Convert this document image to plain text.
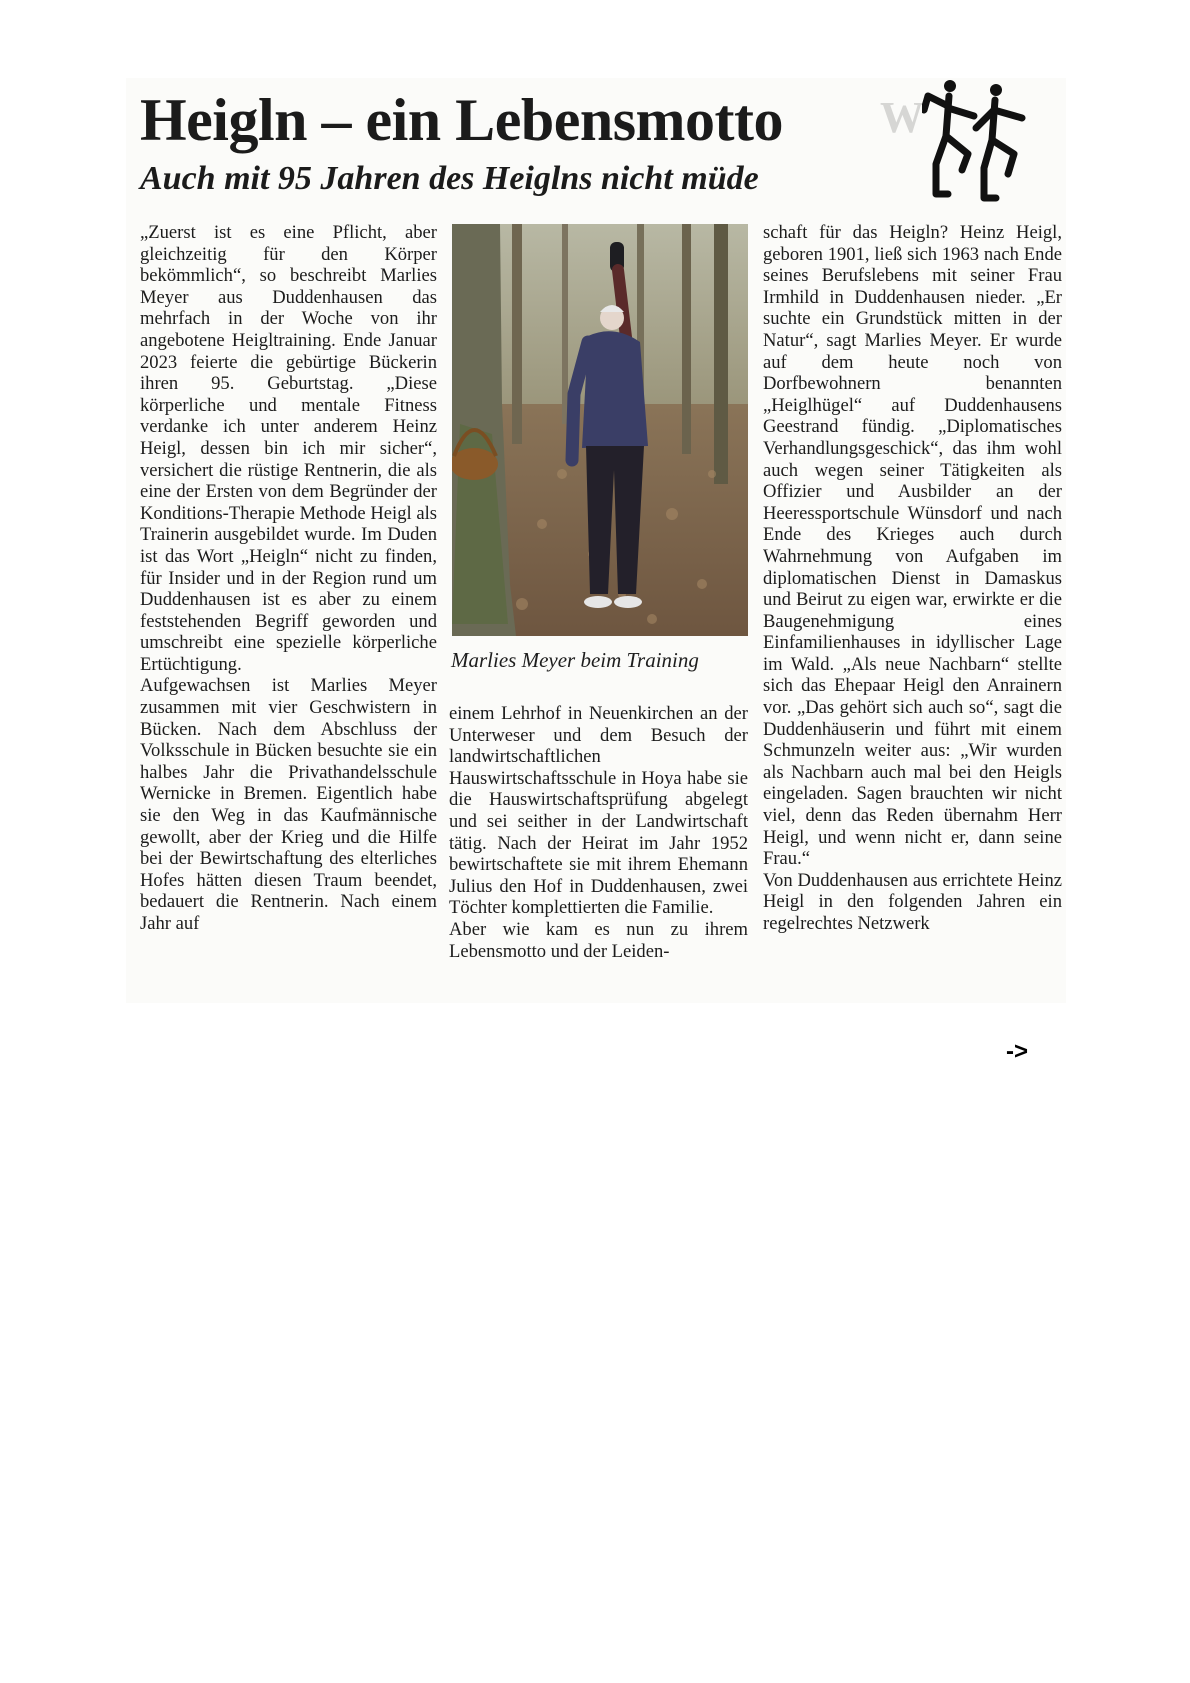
W
Heigln – ein Lebensmotto
Auch mit 95 Jahren des Heiglns nicht müde

„Zuerst ist es eine Pflicht, aber gleichzeitig für den Körper bekömmlich“, so beschreibt Marlies Meyer aus Duddenhausen das mehrfach in der Woche von ihr angebotene Heigltraining. Ende Januar 2023 feierte die gebürtige Bückerin ihren 95. Geburtstag. „Diese körperliche und mentale Fitness verdanke ich unter anderem Heinz Heigl, dessen bin ich mir sicher“, versichert die rüstige Rentnerin, die als eine der Ersten von dem Begründer der Konditions-Therapie Methode Heigl als Trainerin ausgebildet wurde. Im Duden ist das Wort „Heigln“ nicht zu finden, für Insider und in der Region rund um Duddenhausen ist es aber zu einem feststehenden Begriff geworden und umschreibt eine spezielle körperliche Ertüchtigung.

Aufgewachsen ist Marlies Meyer zusammen mit vier Geschwistern in Bücken. Nach dem Abschluss der Volksschule in Bücken besuchte sie ein halbes Jahr die Privathandelsschule Wernicke in Bremen. Eigentlich habe sie den Weg in das Kaufmännische gewollt, aber der Krieg und die Hilfe bei der Bewirtschaftung des elterliches Hofes hätten diesen Traum beendet, bedauert die Rentnerin. Nach einem Jahr auf

Marlies Meyer beim Training

einem Lehrhof in Neuenkirchen an der Unterweser und dem Besuch der landwirtschaftlichen Hauswirtschaftsschule in Hoya habe sie die Hauswirtschaftsprüfung abgelegt und sei seither in der Landwirtschaft tätig. Nach der Heirat im Jahr 1952 bewirtschaftete sie mit ihrem Ehemann Julius den Hof in Duddenhausen, zwei Töchter komplettierten die Familie.

Aber wie kam es nun zu ihrem Lebensmotto und der Leiden-

schaft für das Heigln? Heinz Heigl, geboren 1901, ließ sich 1963 nach Ende seines Berufslebens mit seiner Frau Irmhild in Duddenhausen nieder. „Er suchte ein Grundstück mitten in der Natur“, sagt Marlies Meyer. Er wurde auf dem heute noch von Dorfbewohnern benannten „Heiglhügel“ auf Duddenhausens Geestrand fündig. „Diplomatisches Verhandlungsgeschick“, das ihm wohl auch wegen seiner Tätigkeiten als Offizier und Ausbilder an der Heeressportschule Wünsdorf und nach Ende des Krieges auch durch Wahrnehmung von Aufgaben im diplomatischen Dienst in Damaskus und Beirut zu eigen war, erwirkte er die Baugenehmigung eines Einfamilienhauses in idyllischer Lage im Wald. „Als neue Nachbarn“ stellte sich das Ehepaar Heigl den Anrainern vor. „Das gehört sich auch so“, sagt die Duddenhäuserin und führt mit einem Schmunzeln weiter aus: „Wir wurden als Nachbarn auch mal bei den Heigls eingeladen. Sagen brauchten wir nicht viel, denn das Reden übernahm Herr Heigl, und wenn nicht er, dann seine Frau.“

Von Duddenhausen aus errichtete Heinz Heigl in den folgenden Jahren ein regelrechtes Netzwerk

->
